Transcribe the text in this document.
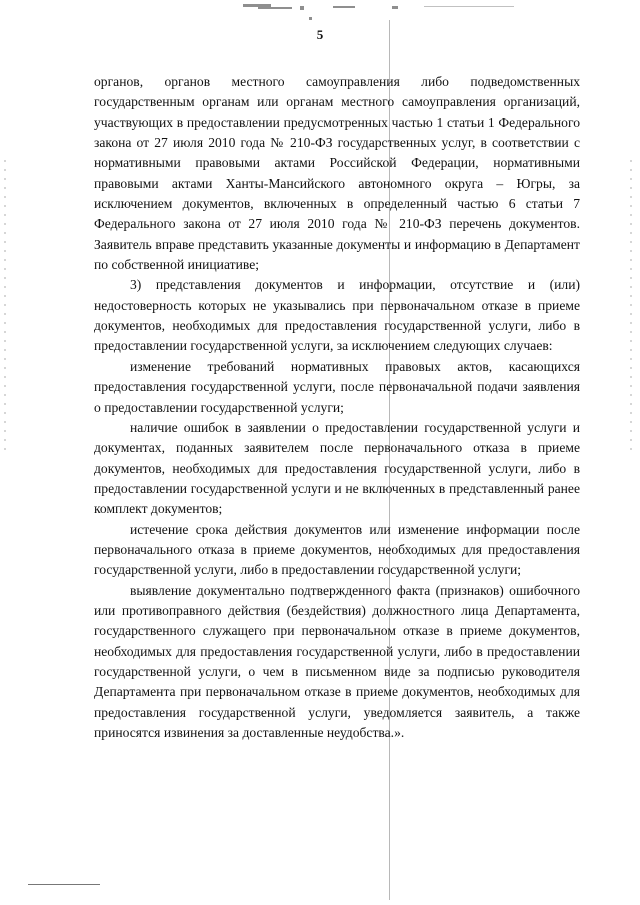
5

органов, органов местного самоуправления либо подведомственных государственным органам или органам местного самоуправления организаций, участвующих в предоставлении предусмотренных частью 1 статьи 1 Федерального закона от 27 июля 2010 года № 210-ФЗ государственных услуг, в соответствии с нормативными правовыми актами Российской Федерации, нормативными правовыми актами Ханты-Мансийского автономного округа – Югры, за исключением документов, включенных в определенный частью 6 статьи 7 Федерального закона от 27 июля 2010 года № 210-ФЗ перечень документов. Заявитель вправе представить указанные документы и информацию в Департамент по собственной инициативе;

3) представления документов и информации, отсутствие и (или) недостоверность которых не указывались при первоначальном отказе в приеме документов, необходимых для предоставления государственной услуги, либо в предоставлении государственной услуги, за исключением следующих случаев:

изменение требований нормативных правовых актов, касающихся предоставления государственной услуги, после первоначальной подачи заявления о предоставлении государственной услуги;

наличие ошибок в заявлении о предоставлении государственной услуги и документах, поданных заявителем после первоначального отказа в приеме документов, необходимых для предоставления государственной услуги, либо в предоставлении государственной услуги и не включенных в представленный ранее комплект документов;

истечение срока действия документов или изменение информации после первоначального отказа в приеме документов, необходимых для предоставления государственной услуги, либо в предоставлении государственной услуги;

выявление документально подтвержденного факта (признаков) ошибочного или противоправного действия (бездействия) должностного лица Департамента, государственного служащего при первоначальном отказе в приеме документов, необходимых для предоставления государственной услуги, либо в предоставлении государственной услуги, о чем в письменном виде за подписью руководителя Департамента при первоначальном отказе в приеме документов, необходимых для предоставления государственной услуги, уведомляется заявитель, а также приносятся извинения за доставленные неудобства.».
